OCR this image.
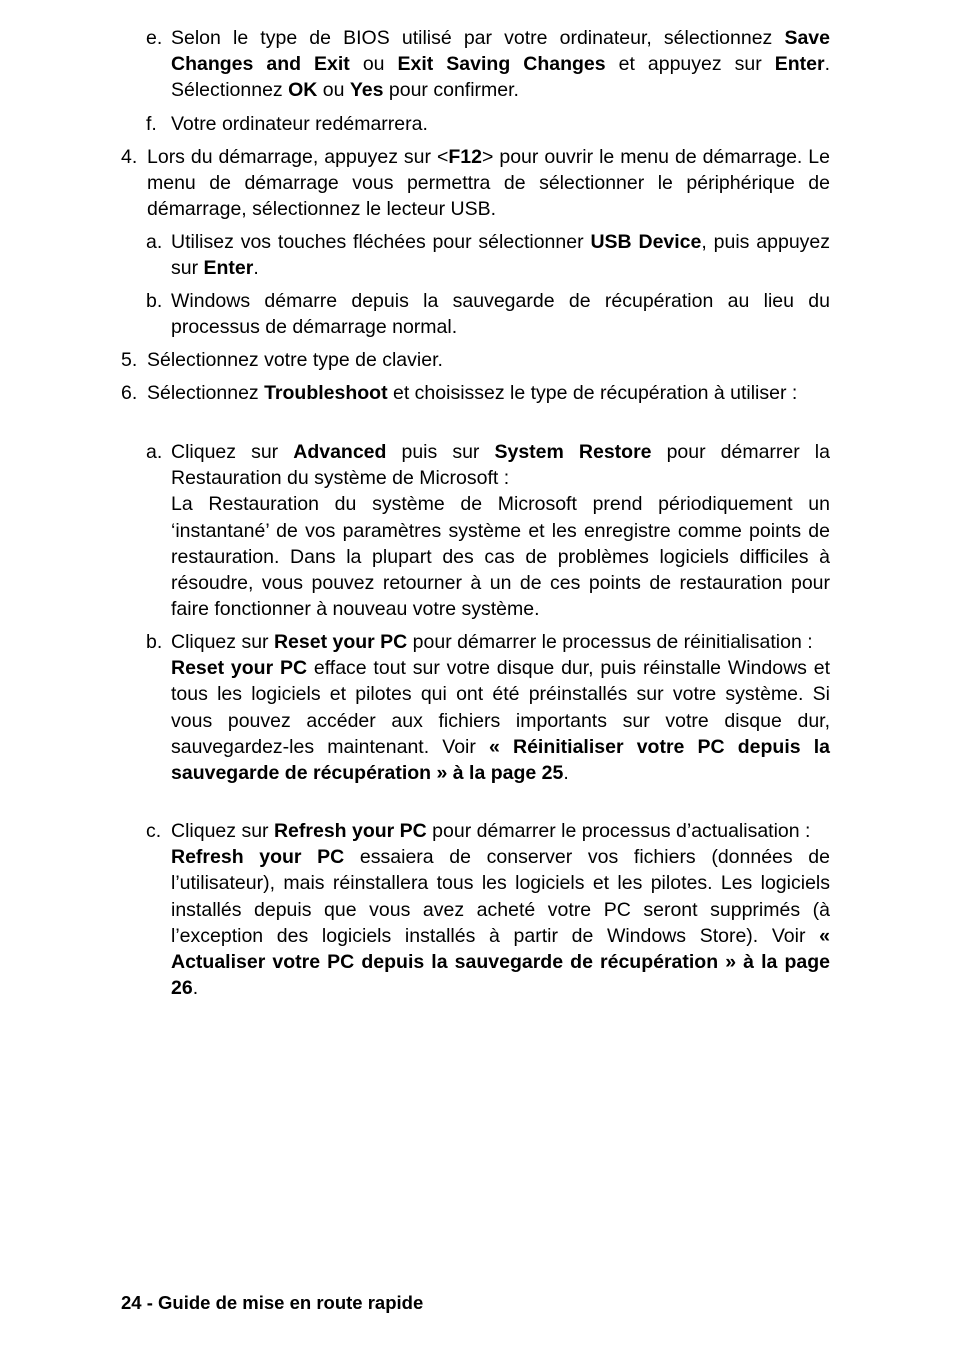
e. Selon le type de BIOS utilisé par votre ordinateur, sélectionnez Save Changes and Exit ou Exit Saving Changes et appuyez sur Enter. Sélectionnez OK ou Yes pour confirmer.

f. Votre ordinateur redémarrera.

4. Lors du démarrage, appuyez sur <F12> pour ouvrir le menu de démarrage. Le menu de démarrage vous permettra de sélectionner le périphérique de démarrage, sélectionnez le lecteur USB.

a. Utilisez vos touches fléchées pour sélectionner USB Device, puis appuyez sur Enter.

b. Windows démarre depuis la sauvegarde de récupération au lieu du processus de démarrage normal.

5. Sélectionnez votre type de clavier.

6. Sélectionnez Troubleshoot et choisissez le type de récupération à utiliser :

a. Cliquez sur Advanced puis sur System Restore pour démarrer la Restauration du système de Microsoft :

La Restauration du système de Microsoft prend périodiquement un ‘instantané’ de vos paramètres système et les enregistre comme points de restauration. Dans la plupart des cas de problèmes logiciels difficiles à résoudre, vous pouvez retourner à un de ces points de restauration pour faire fonctionner à nouveau votre système.

b. Cliquez sur Reset your PC pour démarrer le processus de réinitialisation :

Reset your PC efface tout sur votre disque dur, puis réinstalle Windows et tous les logiciels et pilotes qui ont été préinstallés sur votre système. Si vous pouvez accéder aux fichiers importants sur votre disque dur, sauvegardez-les maintenant. Voir « Réinitialiser votre PC depuis la sauvegarde de récupération » à la page 25.

c. Cliquez sur Refresh your PC pour démarrer le processus d’actualisation :

Refresh your PC essaiera de conserver vos fichiers (données de l’utilisateur), mais réinstallera tous les logiciels et les pilotes. Les logiciels installés depuis que vous avez acheté votre PC seront supprimés (à l’exception des logiciels installés à partir de Windows Store). Voir « Actualiser votre PC depuis la sauvegarde de récupération » à la page 26.

24 - Guide de mise en route rapide
